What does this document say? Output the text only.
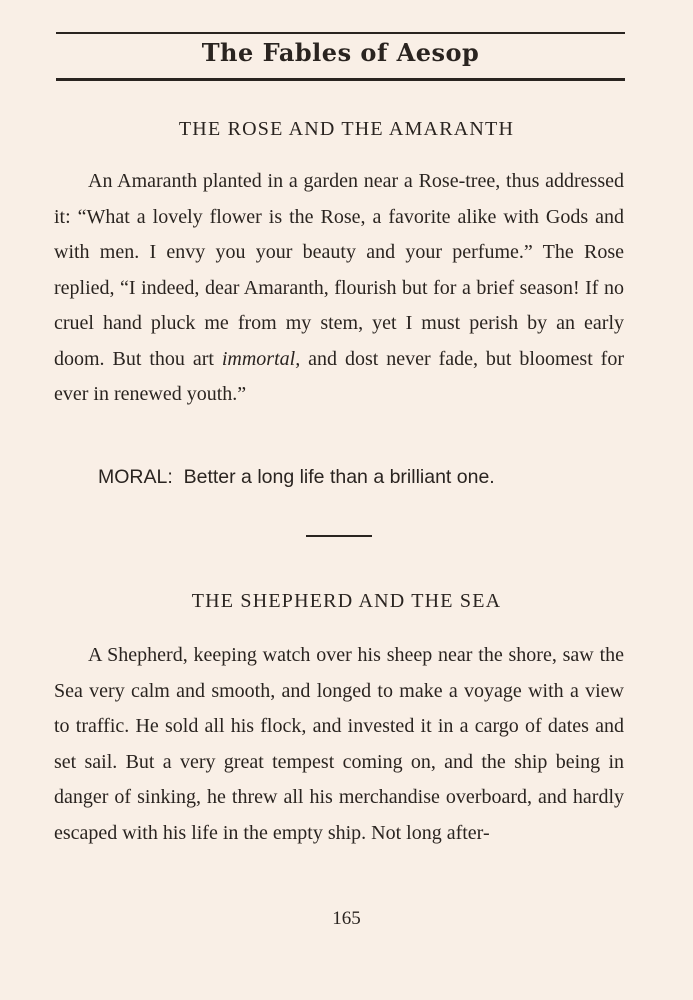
The Fables of Aesop
THE ROSE AND THE AMARANTH
An Amaranth planted in a garden near a Rose-tree, thus addressed it: “What a lovely flower is the Rose, a favorite alike with Gods and with men. I envy you your beauty and your perfume.” The Rose replied, “I indeed, dear Amaranth, flourish but for a brief season! If no cruel hand pluck me from my stem, yet I must perish by an early doom. But thou art immortal, and dost never fade, but bloomest for ever in renewed youth.”
MORAL: Better a long life than a brilliant one.
THE SHEPHERD AND THE SEA
A Shepherd, keeping watch over his sheep near the shore, saw the Sea very calm and smooth, and longed to make a voyage with a view to traffic. He sold all his flock, and invested it in a cargo of dates and set sail. But a very great tempest coming on, and the ship being in danger of sinking, he threw all his merchandise overboard, and hardly escaped with his life in the empty ship. Not long after-
165
